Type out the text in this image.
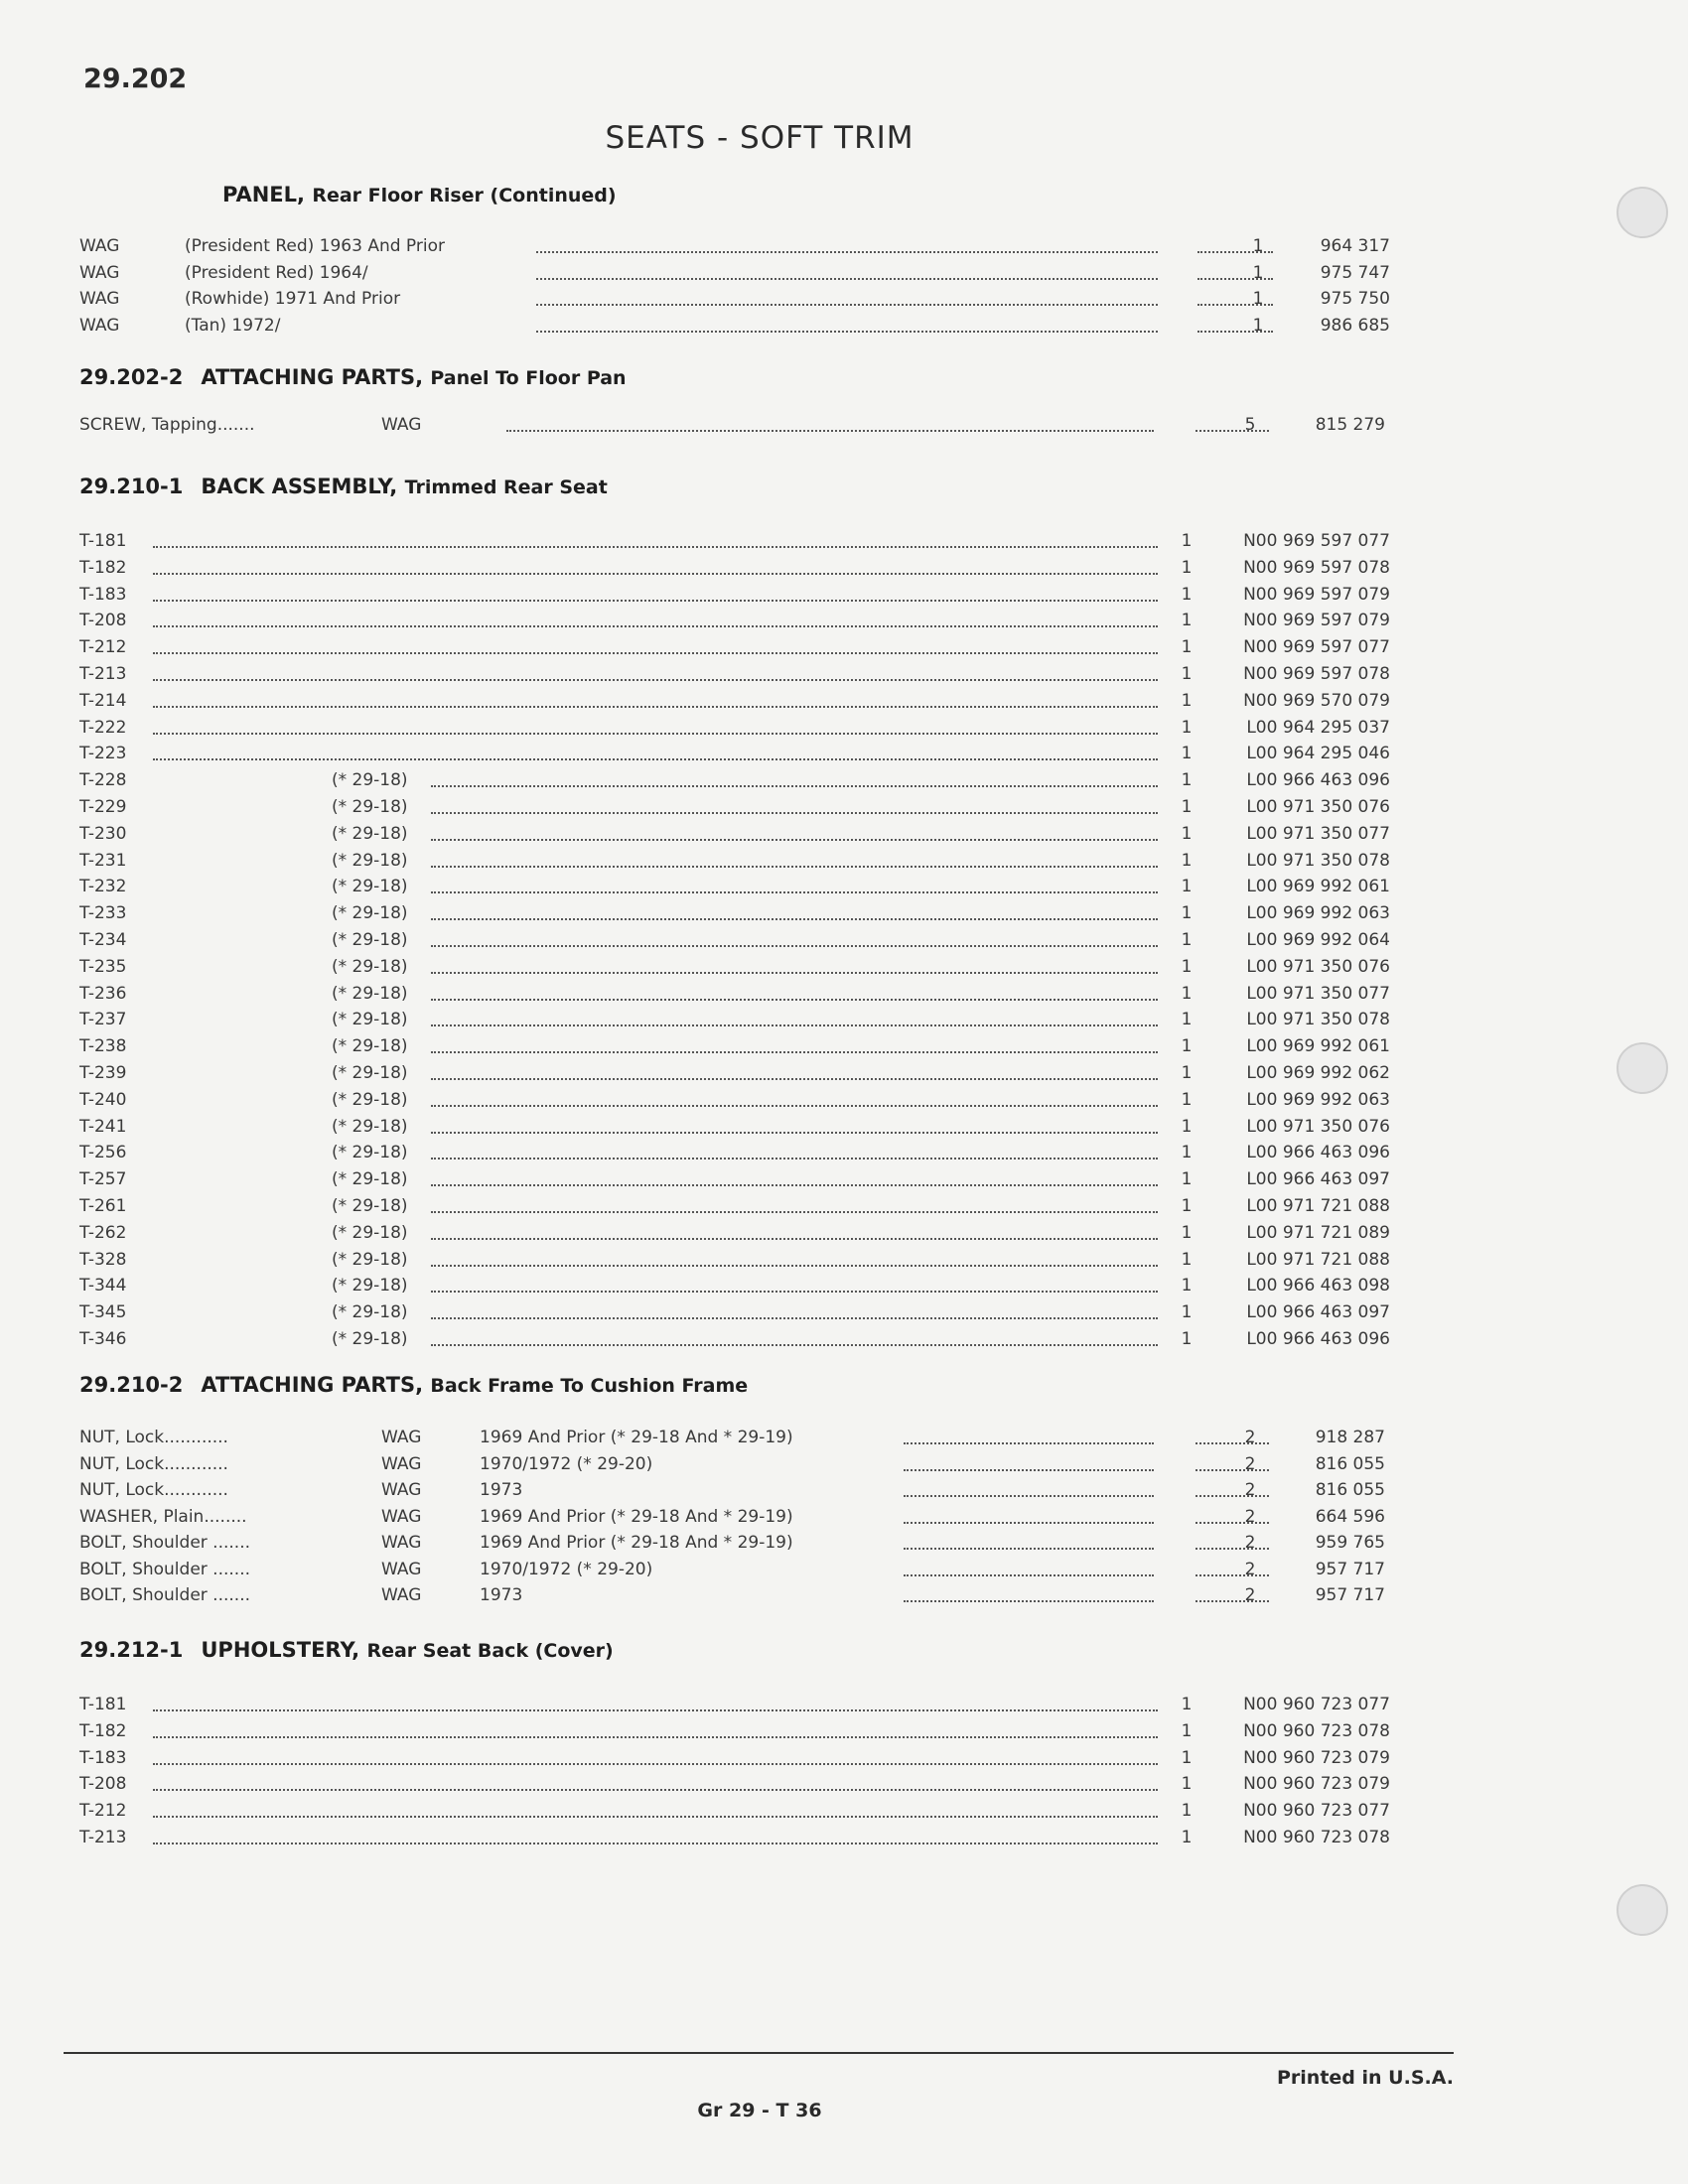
29.202
SEATS - SOFT TRIM
PANEL, Rear Floor Riser (Continued)
WAG	(President Red) 1963 And Prior	1	964 317
WAG	(President Red) 1964/	1	975 747
WAG	(Rowhide) 1971 And Prior	1	975 750
WAG	(Tan) 1972/	1	986 685
29.202-2 ATTACHING PARTS, Panel To Floor Pan
SCREW, Tapping.......	WAG	5	815 279
29.210-1 BACK ASSEMBLY, Trimmed Rear Seat
T-181	1	N00 969 597 077
T-182	1	N00 969 597 078
T-183	1	N00 969 597 079
T-208	1	N00 969 597 079
T-212	1	N00 969 597 077
T-213	1	N00 969 597 078
T-214	1	N00 969 570 079
T-222	1	L00 964 295 037
T-223	1	L00 964 295 046
T-228	(* 29-18)	1	L00 966 463 096
T-229	(* 29-18)	1	L00 971 350 076
T-230	(* 29-18)	1	L00 971 350 077
T-231	(* 29-18)	1	L00 971 350 078
T-232	(* 29-18)	1	L00 969 992 061
T-233	(* 29-18)	1	L00 969 992 063
T-234	(* 29-18)	1	L00 969 992 064
T-235	(* 29-18)	1	L00 971 350 076
T-236	(* 29-18)	1	L00 971 350 077
T-237	(* 29-18)	1	L00 971 350 078
T-238	(* 29-18)	1	L00 969 992 061
T-239	(* 29-18)	1	L00 969 992 062
T-240	(* 29-18)	1	L00 969 992 063
T-241	(* 29-18)	1	L00 971 350 076
T-256	(* 29-18)	1	L00 966 463 096
T-257	(* 29-18)	1	L00 966 463 097
T-261	(* 29-18)	1	L00 971 721 088
T-262	(* 29-18)	1	L00 971 721 089
T-328	(* 29-18)	1	L00 971 721 088
T-344	(* 29-18)	1	L00 966 463 098
T-345	(* 29-18)	1	L00 966 463 097
T-346	(* 29-18)	1	L00 966 463 096
29.210-2 ATTACHING PARTS, Back Frame To Cushion Frame
NUT, Lock............	WAG	1969 And Prior (* 29-18 And * 29-19)	2	918 287
NUT, Lock............	WAG	1970/1972 (* 29-20)	2	816 055
NUT, Lock............	WAG	1973	2	816 055
WASHER, Plain........	WAG	1969 And Prior (* 29-18 And * 29-19)	2	664 596
BOLT, Shoulder .......	WAG	1969 And Prior (* 29-18 And * 29-19)	2	959 765
BOLT, Shoulder .......	WAG	1970/1972 (* 29-20)	2	957 717
BOLT, Shoulder .......	WAG	1973	2	957 717
29.212-1 UPHOLSTERY, Rear Seat Back (Cover)
T-181	1	N00 960 723 077
T-182	1	N00 960 723 078
T-183	1	N00 960 723 079
T-208	1	N00 960 723 079
T-212	1	N00 960 723 077
T-213	1	N00 960 723 078
Printed in U.S.A.
Gr 29 - T 36
